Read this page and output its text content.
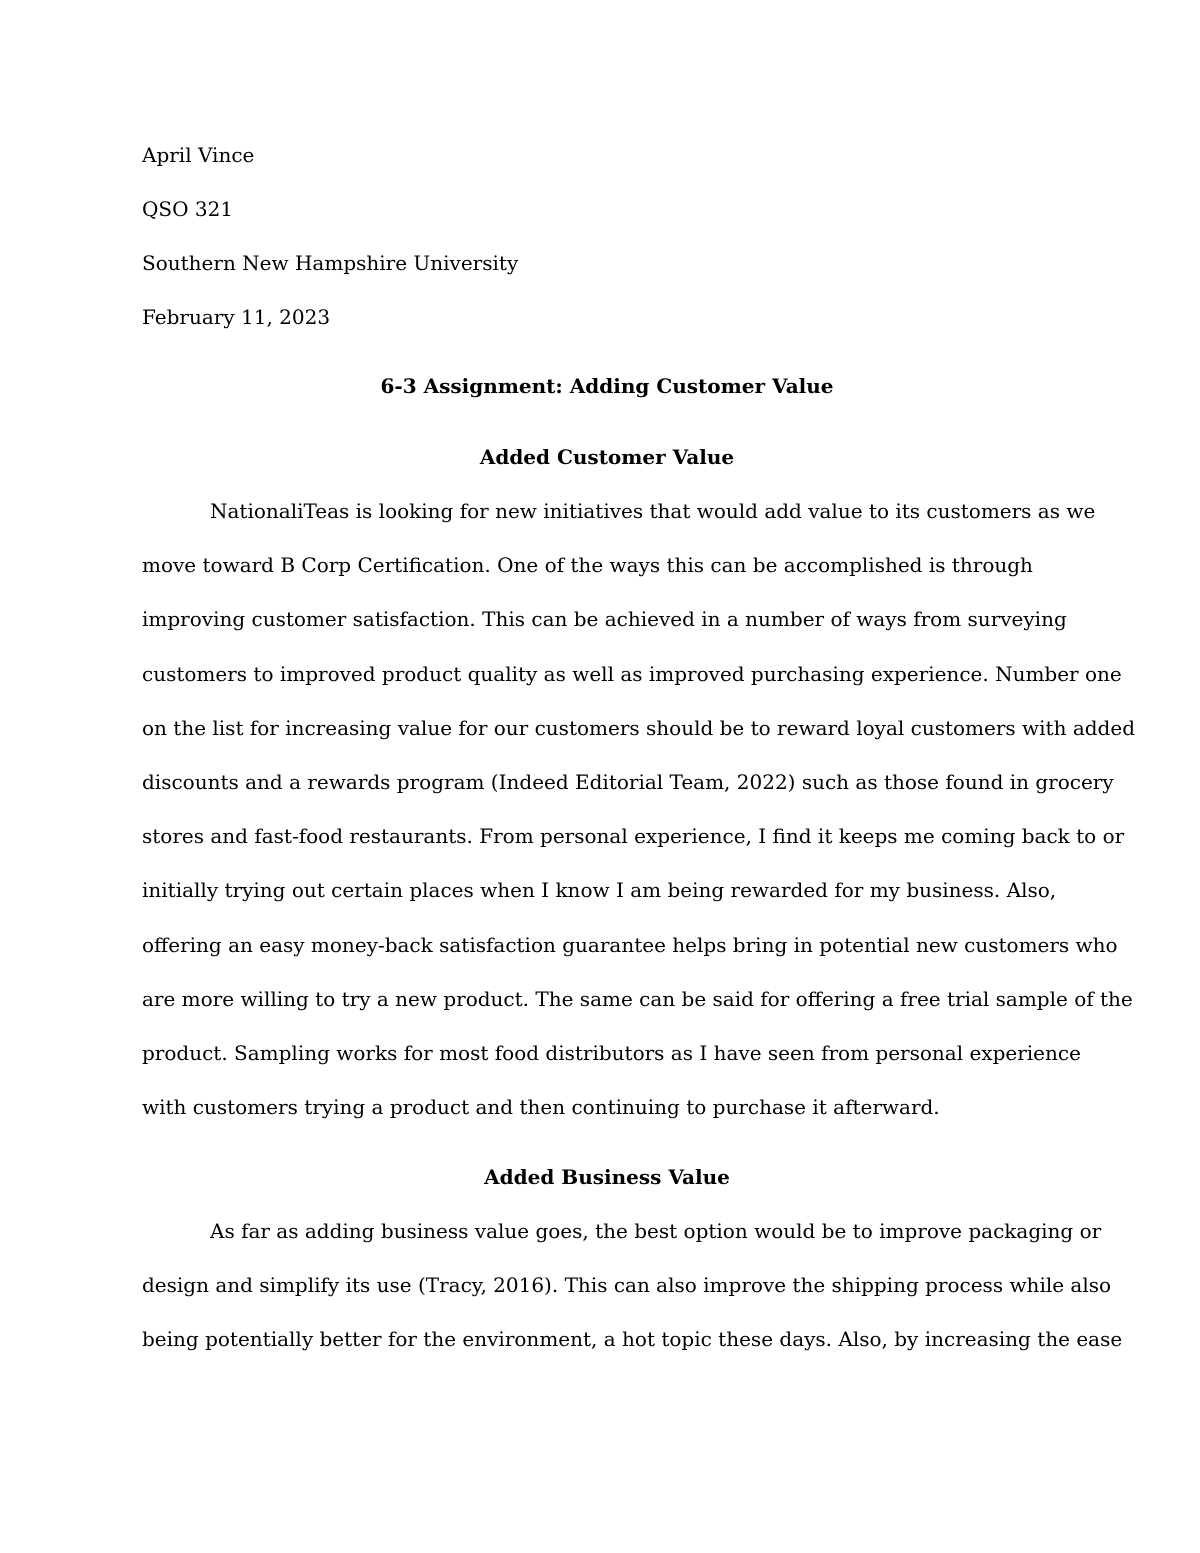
April Vince

QSO 321

Southern New Hampshire University

February 11, 2023

6-3 Assignment: Adding Customer Value

Added Customer Value

NationaliTeas is looking for new initiatives that would add value to its customers as we

move toward B Corp Certification. One of the ways this can be accomplished is through

improving customer satisfaction. This can be achieved in a number of ways from surveying

customers to improved product quality as well as improved purchasing experience. Number one

on the list for increasing value for our customers should be to reward loyal customers with added

discounts and a rewards program (Indeed Editorial Team, 2022) such as those found in grocery

stores and fast-food restaurants. From personal experience, I find it keeps me coming back to or

initially trying out certain places when I know I am being rewarded for my business. Also,

offering an easy money-back satisfaction guarantee helps bring in potential new customers who

are more willing to try a new product. The same can be said for offering a free trial sample of the

product. Sampling works for most food distributors as I have seen from personal experience

with customers trying a product and then continuing to purchase it afterward.

Added Business Value

As far as adding business value goes, the best option would be to improve packaging or

design and simplify its use (Tracy, 2016). This can also improve the shipping process while also

being potentially better for the environment, a hot topic these days. Also, by increasing the ease
